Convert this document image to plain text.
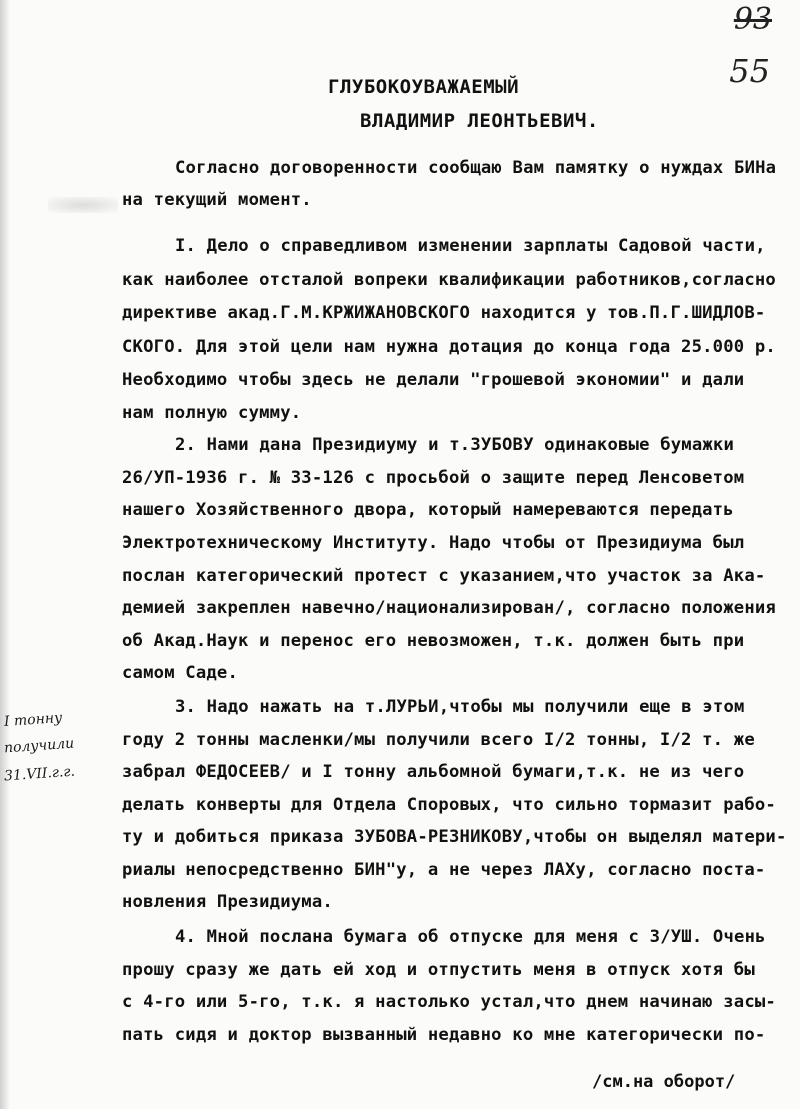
93
55
ГЛУБОКОУВАЖАЕМЫЙ
ВЛАДИМИР ЛЕОНТЬЕВИЧ.
Согласно договоренности сообщаю Вам памятку о нуждах БИНа
на текущий момент.
I. Дело о справедливом изменении зарплаты Садовой части,
как наиболее отсталой вопреки квалификации работников,согласно
директиве акад.Г.М.КРЖИЖАНОВСКОГО находится у тов.П.Г.ШИДЛОВ-
СКОГО. Для этой цели нам нужна дотация до конца года 25.000 р.
Необходимо чтобы здесь не делали "грошевой экономии" и дали
нам полную сумму.
2. Нами дана Президиуму и т.ЗУБОВУ одинаковые бумажки
26/УП-1936 г. № 33-126 с просьбой о защите перед Ленсоветом
нашего Хозяйственного двора, который намереваются передать
Электротехническому Институту. Надо чтобы от Президиума был
послан категорический протест с указанием,что участок за Ака-
демией закреплен навечно/национализирован/, согласно положения
об Акад.Наук и перенос его невозможен, т.к. должен быть при
самом Саде.
3. Надо нажать на т.ЛУРЬИ,чтобы мы получили еще в этом
году 2 тонны масленки/мы получили всего I/2 тонны, I/2 т. же
забрал ФЕДОСЕЕВ/ и I тонну альбомной бумаги,т.к. не из чего
делать конверты для Отдела Споровых, что сильно тормазит рабо-
ту и добиться приказа ЗУБОВА-РЕЗНИКОВУ,чтобы он выделял матери-
риалы непосредственно БИН"у, а не через ЛАХу, согласно поста-
новления Президиума.
4. Мной послана бумага об отпуске для меня с 3/УШ. Очень
прошу сразу же дать ей ход и отпустить меня в отпуск хотя бы
с 4-го или 5-го, т.к. я настолько устал,что днем начинаю засы-
пать сидя и доктор вызванный недавно ко мне категорически по-
I тонну
получили
31.VII.г.г.
/см.на оборот/
